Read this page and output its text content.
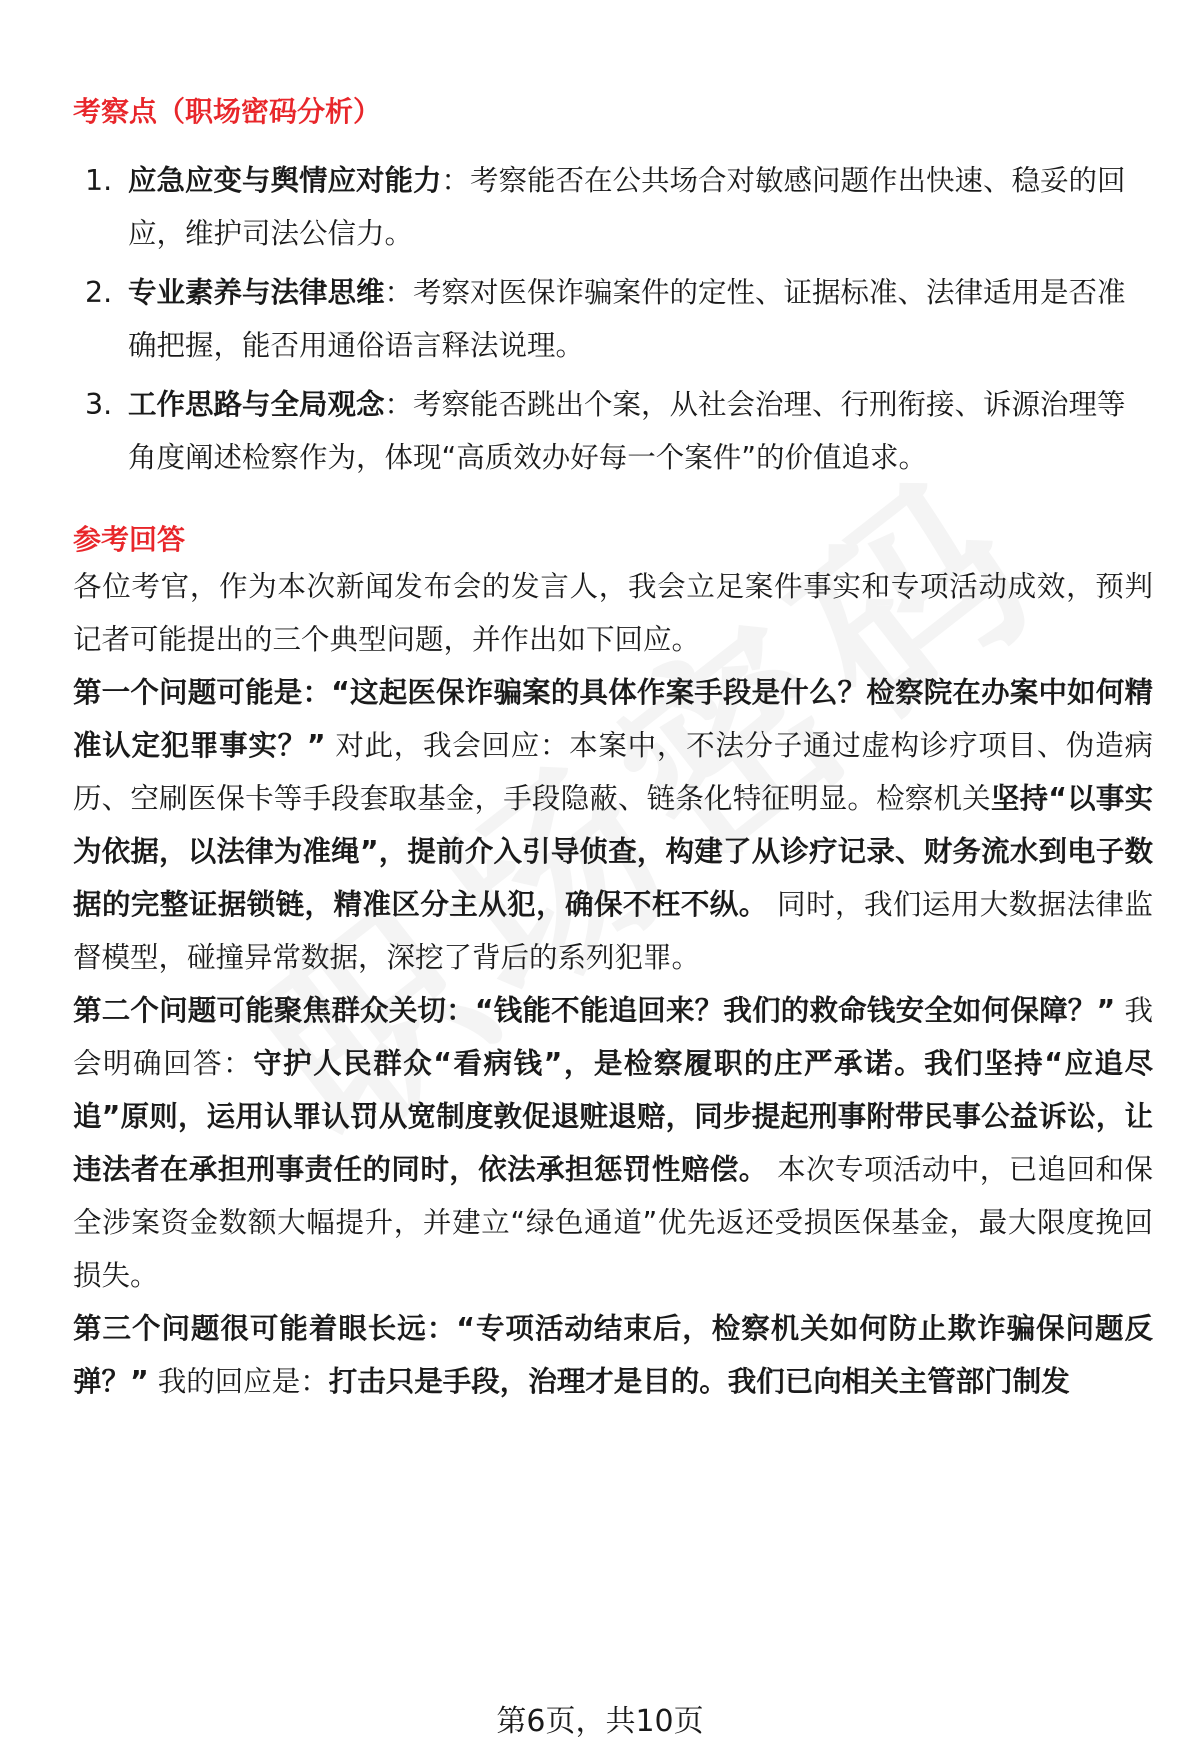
考察点（职场密码分析）
1. 应急应变与舆情应对能力：考察能否在公共场合对敏感问题作出快速、稳妥的回应，维护司法公信力。
2. 专业素养与法律思维：考察对医保诈骗案件的定性、证据标准、法律适用是否准确把握，能否用通俗语言释法说理。
3. 工作思路与全局观念：考察能否跳出个案，从社会治理、行刑衔接、诉源治理等角度阐述检察作为，体现“高质效办好每一个案件”的价值追求。
参考回答

各位考官，作为本次新闻发布会的发言人，我会立足案件事实和专项活动成效，预判记者可能提出的三个典型问题，并作出如下回应。

第一个问题可能是：“这起医保诈骗案的具体作案手段是什么？检察院在办案中如何精准认定犯罪事实？” 对此，我会回应：本案中，不法分子通过虚构诊疗项目、伪造病历、空刷医保卡等手段套取基金，手段隐蔽、链条化特征明显。检察机关坚持“以事实为依据，以法律为准绳”，提前介入引导侦查，构建了从诊疗记录、财务流水到电子数据的完整证据锁链，精准区分主从犯，确保不枉不纵。 同时，我们运用大数据法律监督模型，碰撞异常数据，深挖了背后的系列犯罪。

第二个问题可能聚焦群众关切：“钱能不能追回来？我们的救命钱安全如何保障？” 我会明确回答：守护人民群众“看病钱”，是检察履职的庄严承诺。我们坚持“应追尽追”原则，运用认罪认罚从宽制度敦促退赃退赔，同步提起刑事附带民事公益诉讼，让违法者在承担刑事责任的同时，依法承担惩罚性赔偿。 本次专项活动中，已追回和保全涉案资金数额大幅提升，并建立“绿色通道”优先返还受损医保基金，最大限度挽回损失。

第三个问题很可能着眼长远：“专项活动结束后，检察机关如何防止欺诈骗保问题反弹？” 我的回应是：打击只是手段，治理才是目的。我们已向相关主管部门制发

第6页，共10页
